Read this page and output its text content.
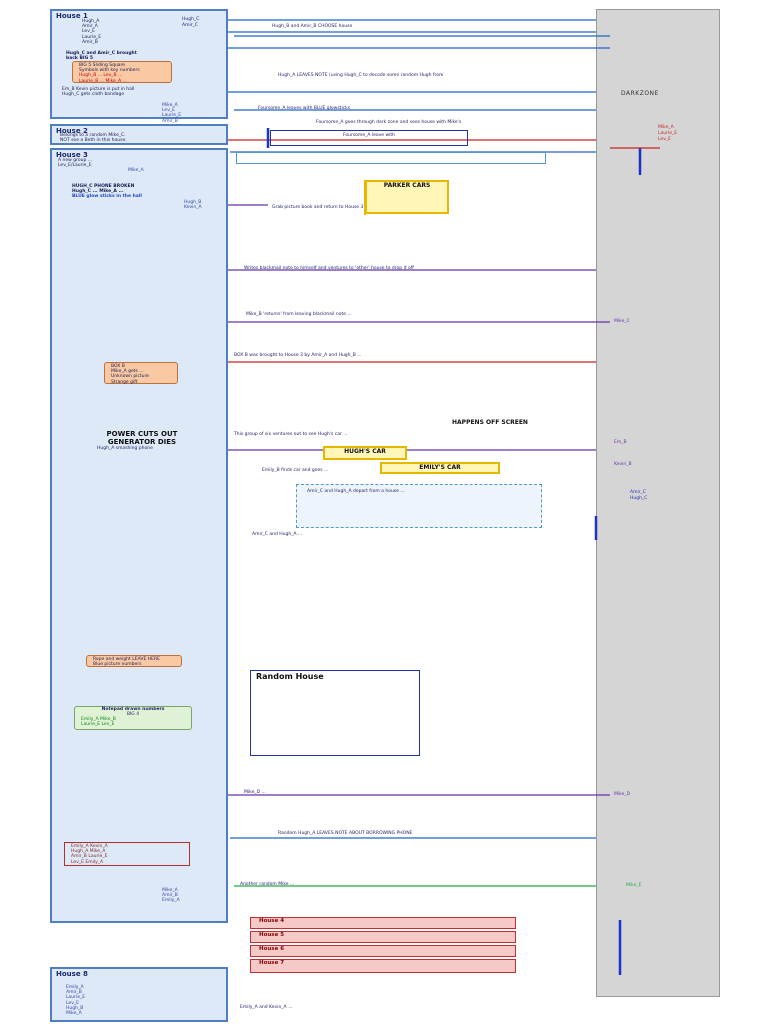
DARKZONE
House 1
Hugh_A
Amir_A
Lev_E
Laurie_E
Amir_B
Hugh_C
Amir_C
Hugh_C and Amir_C brought
back BIG 5
BIG 5 Sliding Square
Symbols with key numbers
Hugh_B ... Lev_B ...
Laurie_B ... Mike_A ...
Em_B Kevin picture is put in hall
Hugh_C gets cloth bandage
Mike_A
Lev_E
Laurie_E
Amir_B
House 2
Belongs to a random Mike_C.
NOT see a Beth in this house.
House 3
A new group ...
Lev_E/Laurie_E
Mike_A
HUGH_C PHONE BROKEN
Hugh_C ... Mike_A ...
BLUE glow sticks in the hall
Hugh_B
Kevin_A
BOX B
Mike_A gets ...
Unknown picture
Strange gift
POWER CUTS OUT
GENERATOR DIES
Hugh_A smashing phone
Rope and weight LEAVE HERE
Blue picture numbers
Notepad drawn numbers
BIG 4
Emily_A Mike_B
Laurie_E Lev_E
Emily_A Kevin_A
Hugh_A Mike_A
Amir_B Laurie_E
Lev_E Emily_A
Mike_A
Amir_B
Emily_A
House 8
Emily_A
Amir_B
Laurie_E
Lev_E
Hugh_B
Mike_A
Hugh_B and Amir_B CHOOSE house
Hugh_A LEAVES NOTE (using Hugh_C to decode some random Hugh from
Foursome_A leaves with BLUE glowsticks
Foursome_A goes through dark zone and sees house with Mike's
Foursome_A leave with
PARKER CARS
Grab picture book and return to House 3
Writes blackmail note to himself and ventures to 'other' house to drop it off
Mike_B 'returns' from leaving blackmail note ...
BOX B was brought to House 3 by Amir_A and Hugh_B ...
HAPPENS OFF SCREEN
This group of six ventures out to see Hugh's car ...
HUGH'S CAR
EMILY'S CAR
Emily_B finds car and goes ...
Amir_C and Hugh_A depart from a house ...
Amir_C and Hugh_A ...
Random House
Mike_D ...
Random Hugh_A LEAVES NOTE ABOUT BORROWING PHONE
Another random Mike ...
Emily_A and Kevin_A ...
House 4
House 5
House 6
House 7
Mike_A
Laurie_E
Lev_E
Mike_C
Em_B
Kevin_B
Amir_C
Hugh_C
Mike_D
Mike_E
